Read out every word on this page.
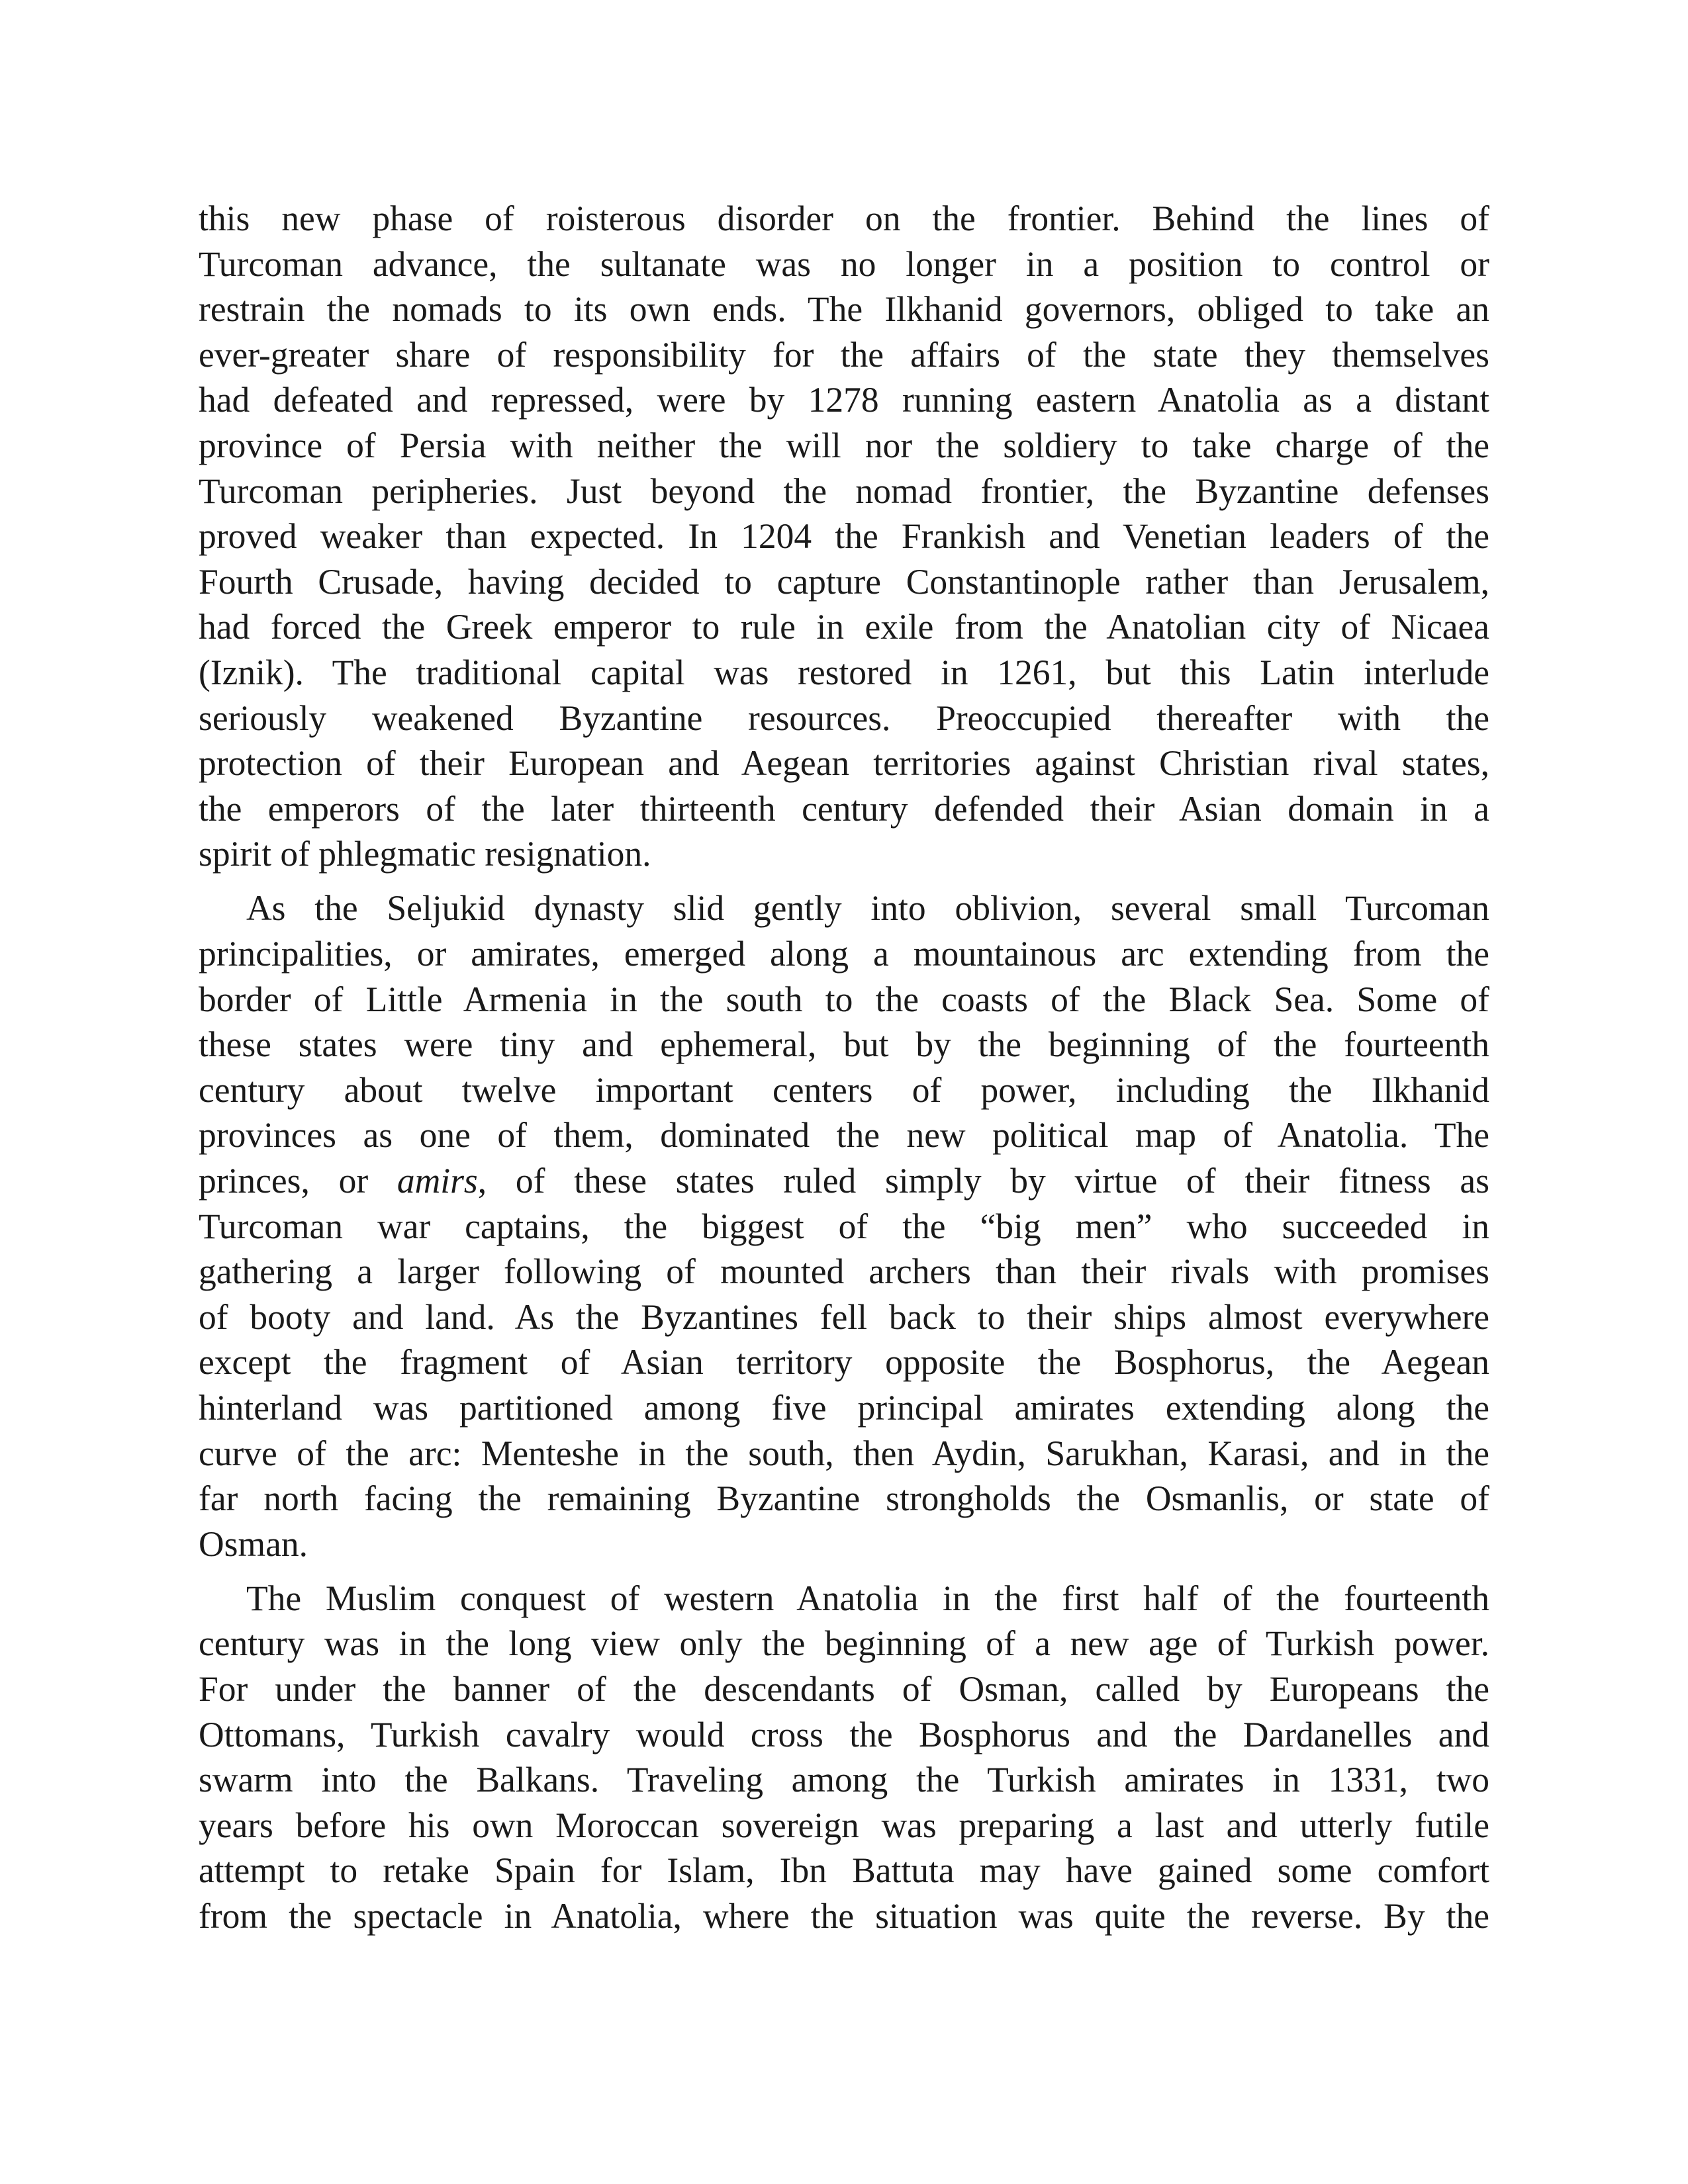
this new phase of roisterous disorder on the frontier. Behind the lines of
Turcoman advance, the sultanate was no longer in a position to control or
restrain the nomads to its own ends. The Ilkhanid governors, obliged to take an
ever-greater share of responsibility for the affairs of the state they themselves
had defeated and repressed, were by 1278 running eastern Anatolia as a distant
province of Persia with neither the will nor the soldiery to take charge of the
Turcoman peripheries. Just beyond the nomad frontier, the Byzantine defenses
proved weaker than expected. In 1204 the Frankish and Venetian leaders of the
Fourth Crusade, having decided to capture Constantinople rather than Jerusalem,
had forced the Greek emperor to rule in exile from the Anatolian city of Nicaea
(Iznik). The traditional capital was restored in 1261, but this Latin interlude
seriously weakened Byzantine resources. Preoccupied thereafter with the
protection of their European and Aegean territories against Christian rival states,
the emperors of the later thirteenth century defended their Asian domain in a
spirit of phlegmatic resignation.
As the Seljukid dynasty slid gently into oblivion, several small Turcoman
principalities, or amirates, emerged along a mountainous arc extending from the
border of Little Armenia in the south to the coasts of the Black Sea. Some of
these states were tiny and ephemeral, but by the beginning of the fourteenth
century about twelve important centers of power, including the Ilkhanid
provinces as one of them, dominated the new political map of Anatolia. The
princes, or amirs, of these states ruled simply by virtue of their fitness as
Turcoman war captains, the biggest of the “big men” who succeeded in
gathering a larger following of mounted archers than their rivals with promises
of booty and land. As the Byzantines fell back to their ships almost everywhere
except the fragment of Asian territory opposite the Bosphorus, the Aegean
hinterland was partitioned among five principal amirates extending along the
curve of the arc: Menteshe in the south, then Aydin, Sarukhan, Karasi, and in the
far north facing the remaining Byzantine strongholds the Osmanlis, or state of
Osman.
The Muslim conquest of western Anatolia in the first half of the fourteenth
century was in the long view only the beginning of a new age of Turkish power.
For under the banner of the descendants of Osman, called by Europeans the
Ottomans, Turkish cavalry would cross the Bosphorus and the Dardanelles and
swarm into the Balkans. Traveling among the Turkish amirates in 1331, two
years before his own Moroccan sovereign was preparing a last and utterly futile
attempt to retake Spain for Islam, Ibn Battuta may have gained some comfort
from the spectacle in Anatolia, where the situation was quite the reverse. By the
